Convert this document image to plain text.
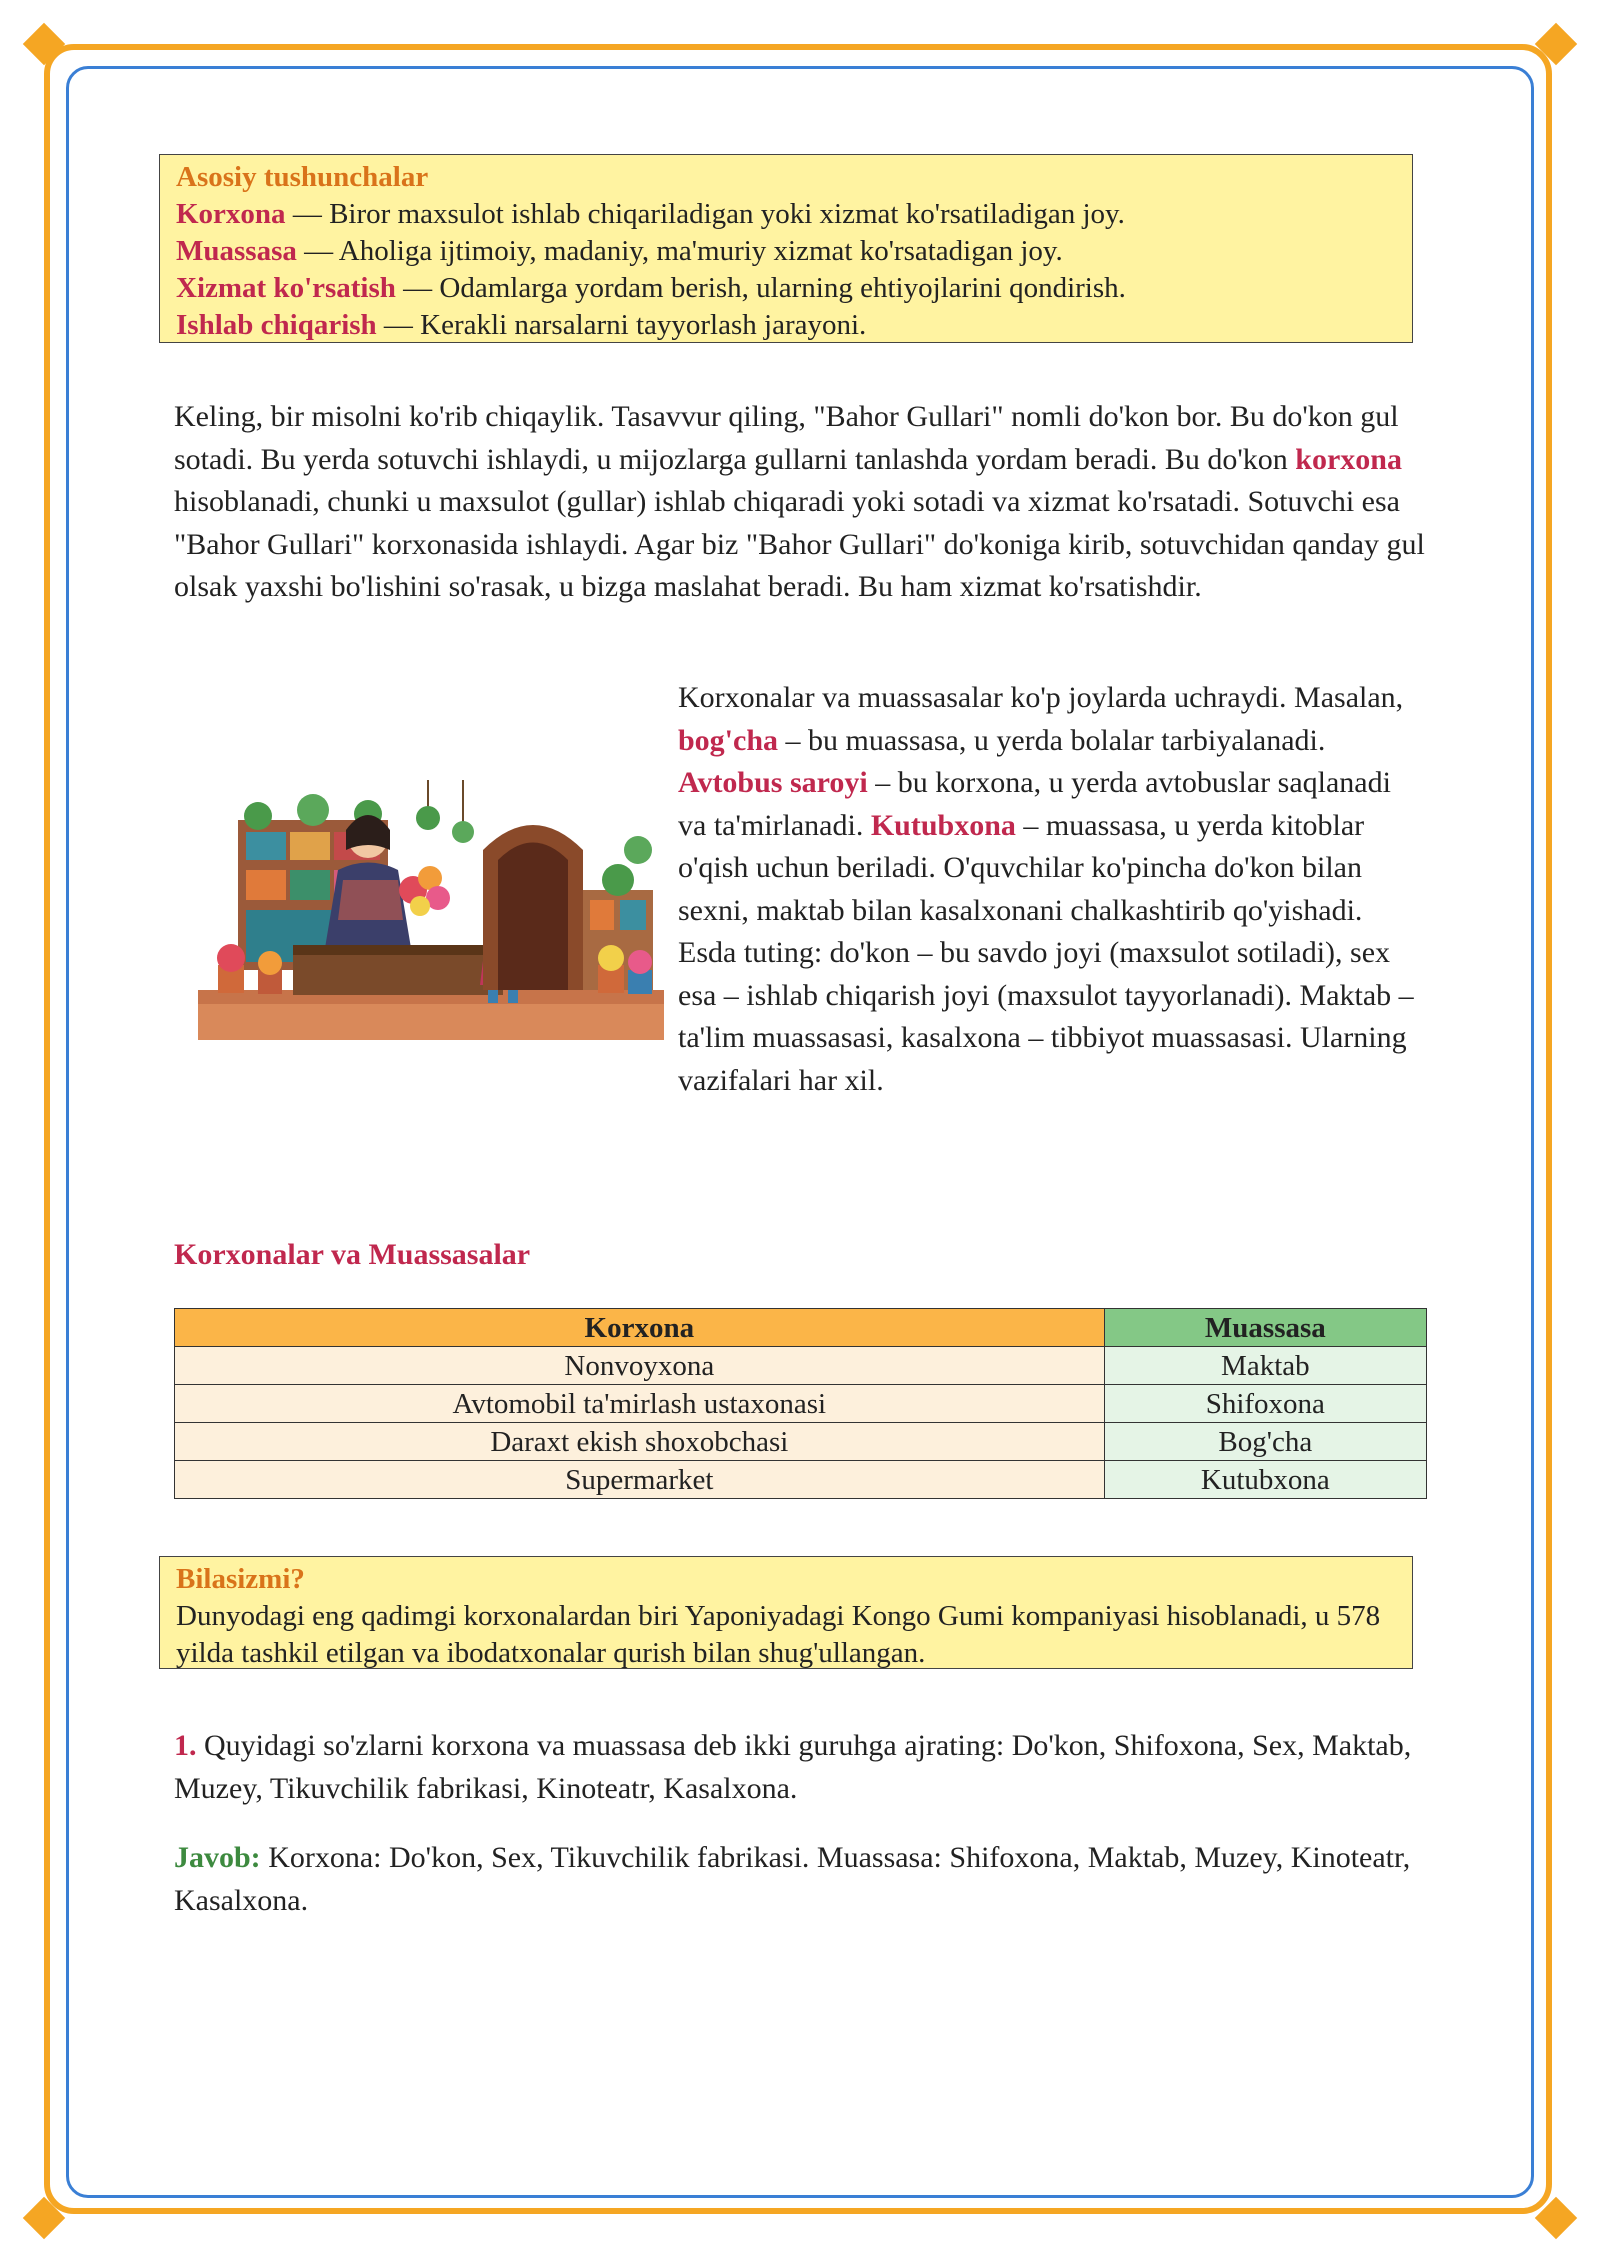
Asosiy tushunchalar
Korxona — Biror maxsulot ishlab chiqariladigan yoki xizmat ko'rsatiladigan joy.
Muassasa — Aholiga ijtimoiy, madaniy, ma'muriy xizmat ko'rsatadigan joy.
Xizmat ko'rsatish — Odamlarga yordam berish, ularning ehtiyojlarini qondirish.
Ishlab chiqarish — Kerakli narsalarni tayyorlash jarayoni.
Keling, bir misolni ko'rib chiqaylik. Tasavvur qiling, "Bahor Gullari" nomli do'kon bor. Bu do'kon gul sotadi. Bu yerda sotuvchi ishlaydi, u mijozlarga gullarni tanlashda yordam beradi. Bu do'kon korxona hisoblanadi, chunki u maxsulot (gullar) ishlab chiqaradi yoki sotadi va xizmat ko'rsatadi. Sotuvchi esa "Bahor Gullari" korxonasida ishlaydi. Agar biz "Bahor Gullari" do'koniga kirib, sotuvchidan qanday gul olsak yaxshi bo'lishini so'rasak, u bizga maslahat beradi. Bu ham xizmat ko'rsatishdir.
Korxonalar va muassasalar ko'p joylarda uchraydi. Masalan, bog'cha – bu muassasa, u yerda bolalar tarbiyalanadi. Avtobus saroyi – bu korxona, u yerda avtobuslar saqlanadi va ta'mirlanadi. Kutubxona – muassasa, u yerda kitoblar o'qish uchun beriladi. O'quvchilar ko'pincha do'kon bilan sexni, maktab bilan kasalxonani chalkashtirib qo'yishadi. Esda tuting: do'kon – bu savdo joyi (maxsulot sotiladi), sex esa – ishlab chiqarish joyi (maxsulot tayyorlanadi). Maktab – ta'lim muassasasi, kasalxona – tibbiyot muassasasi. Ularning vazifalari har xil.
Korxonalar va Muassasalar
Korxona	Muassasa
Nonvoyxona	Maktab
Avtomobil ta'mirlash ustaxonasi	Shifoxona
Daraxt ekish shoxobchasi	Bog'cha
Supermarket	Kutubxona
Bilasizmi?
Dunyodagi eng qadimgi korxonalardan biri Yaponiyadagi Kongo Gumi kompaniyasi hisoblanadi, u 578 yilda tashkil etilgan va ibodatxonalar qurish bilan shug'ullangan.
1. Quyidagi so'zlarni korxona va muassasa deb ikki guruhga ajrating: Do'kon, Shifoxona, Sex, Maktab, Muzey, Tikuvchilik fabrikasi, Kinoteatr, Kasalxona.
Javob: Korxona: Do'kon, Sex, Tikuvchilik fabrikasi. Muassasa: Shifoxona, Maktab, Muzey, Kinoteatr, Kasalxona.
